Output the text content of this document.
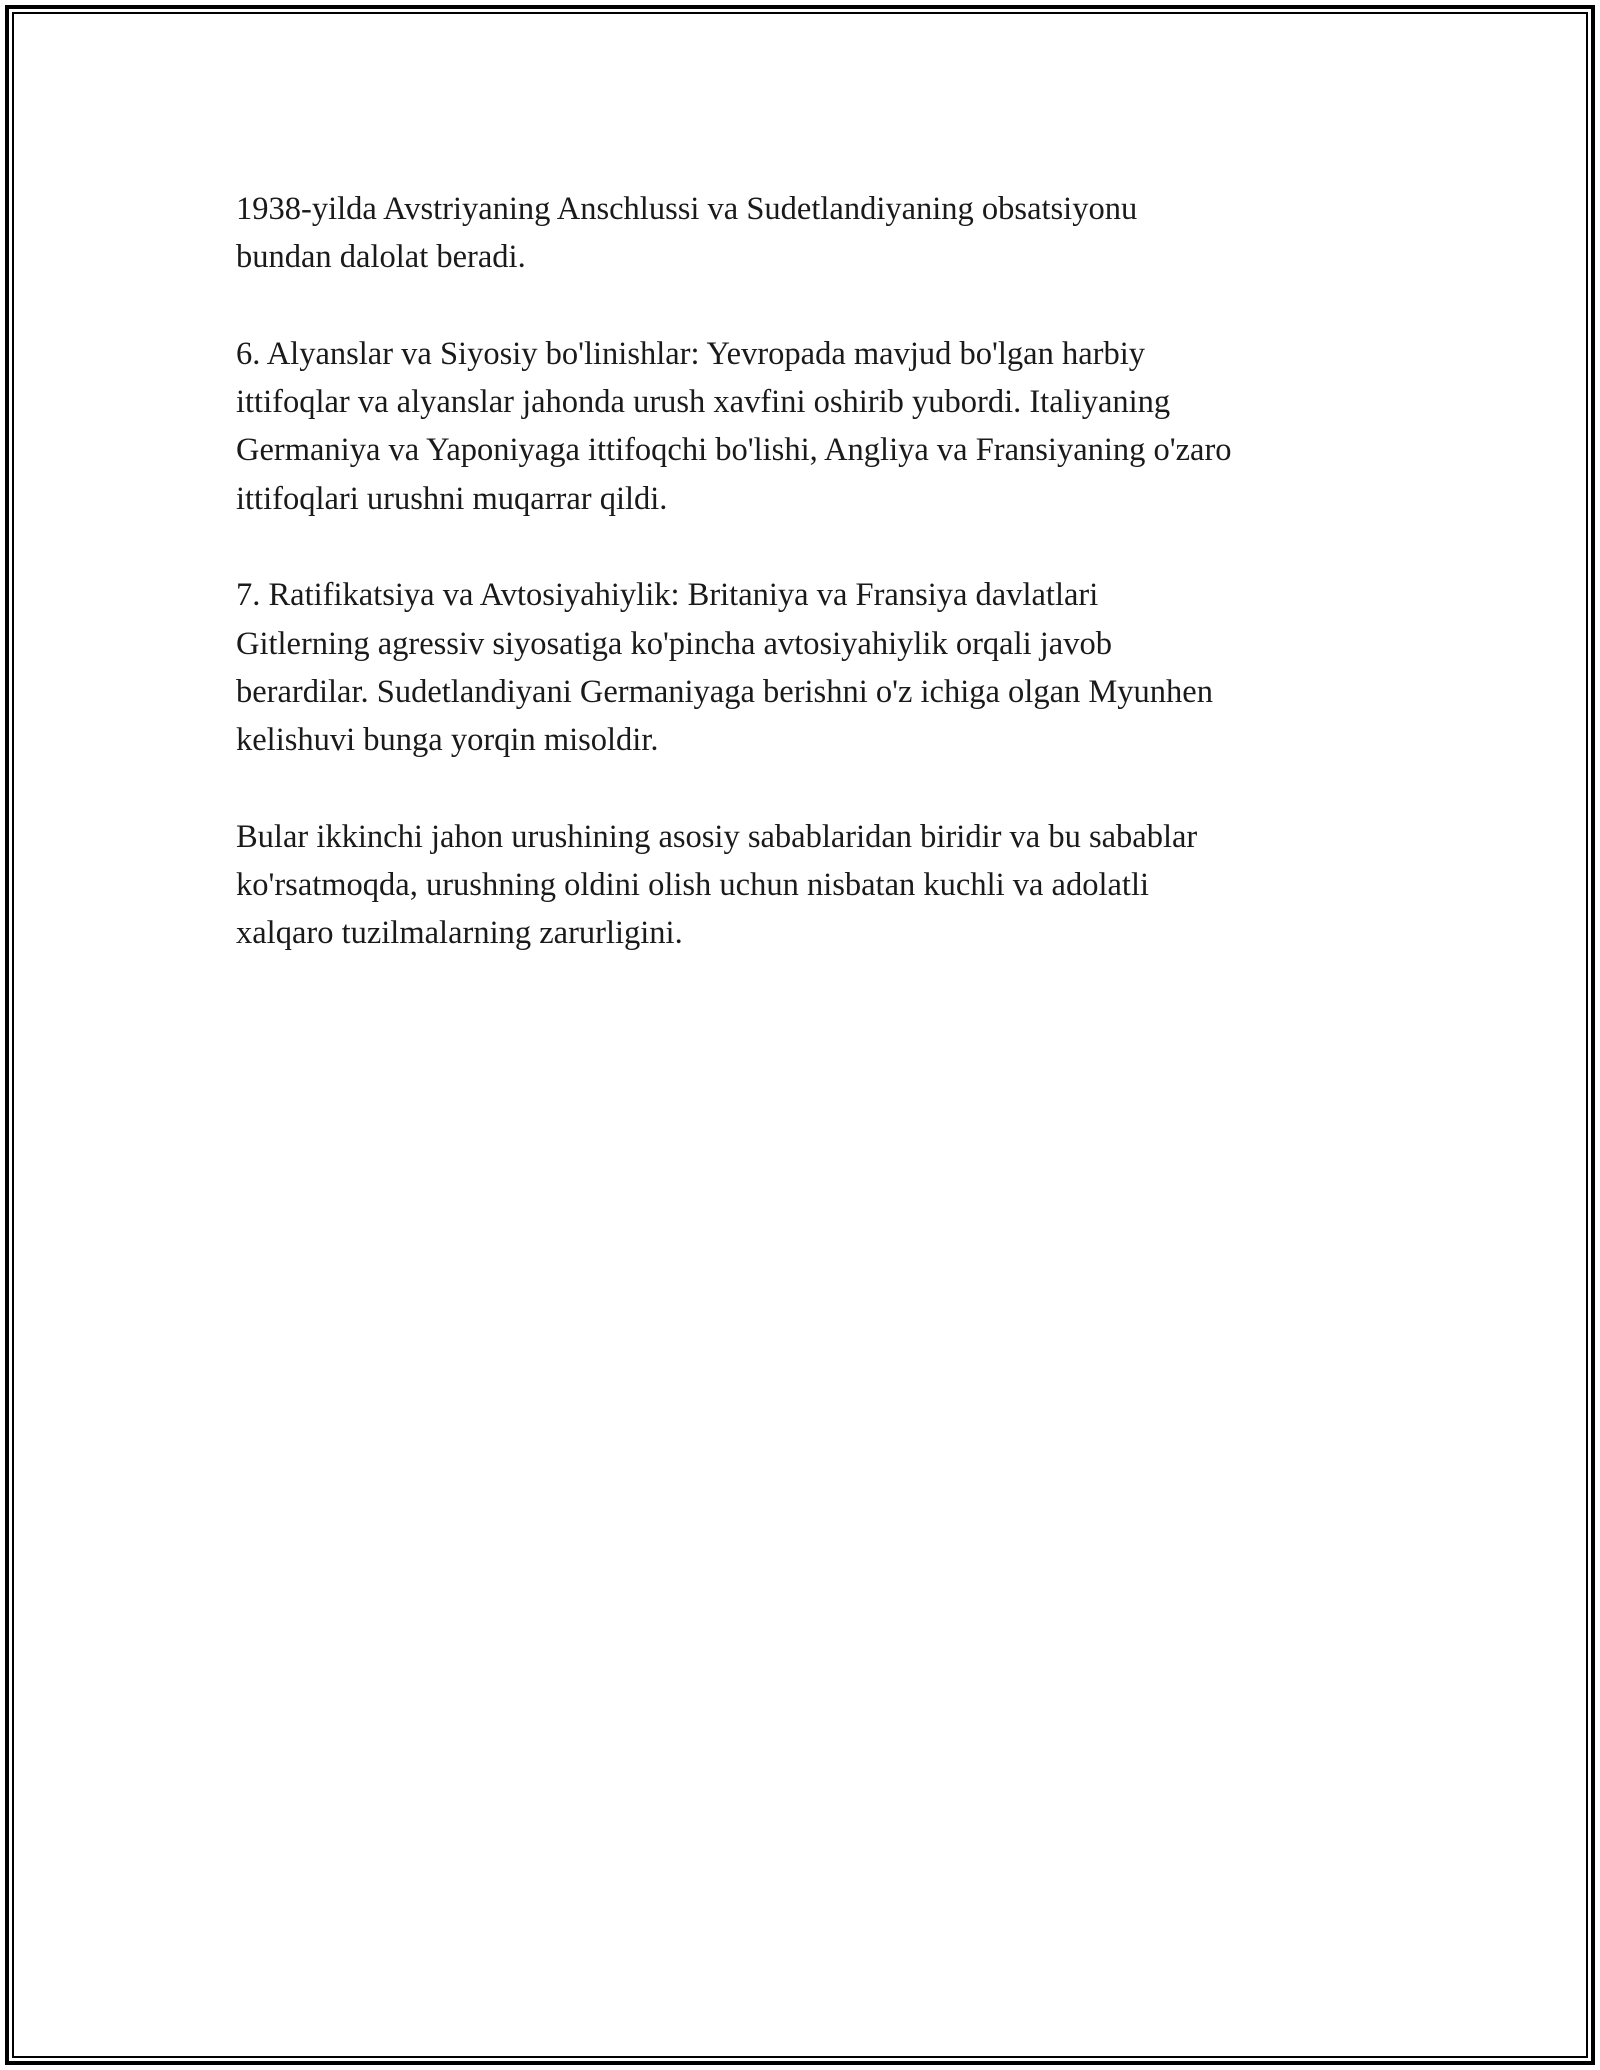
1938-yilda Avstriyaning Anschlussi va Sudetlandiyaning obsatsiyonu
bundan dalolat beradi.

6. Alyanslar va Siyosiy bo'linishlar: Yevropada mavjud bo'lgan harbiy
ittifoqlar va alyanslar jahonda urush xavfini oshirib yubordi. Italiyaning
Germaniya va Yaponiyaga ittifoqchi bo'lishi, Angliya va Fransiyaning o'zaro
ittifoqlari urushni muqarrar qildi.

7. Ratifikatsiya va Avtosiyahiylik: Britaniya va Fransiya davlatlari
Gitlerning agressiv siyosatiga ko'pincha avtosiyahiylik orqali javob
berardilar. Sudetlandiyani Germaniyaga berishni o'z ichiga olgan Myunhen
kelishuvi bunga yorqin misoldir.

Bular ikkinchi jahon urushining asosiy sabablaridan biridir va bu sabablar
ko'rsatmoqda, urushning oldini olish uchun nisbatan kuchli va adolatli
xalqaro tuzilmalarning zarurligini.
